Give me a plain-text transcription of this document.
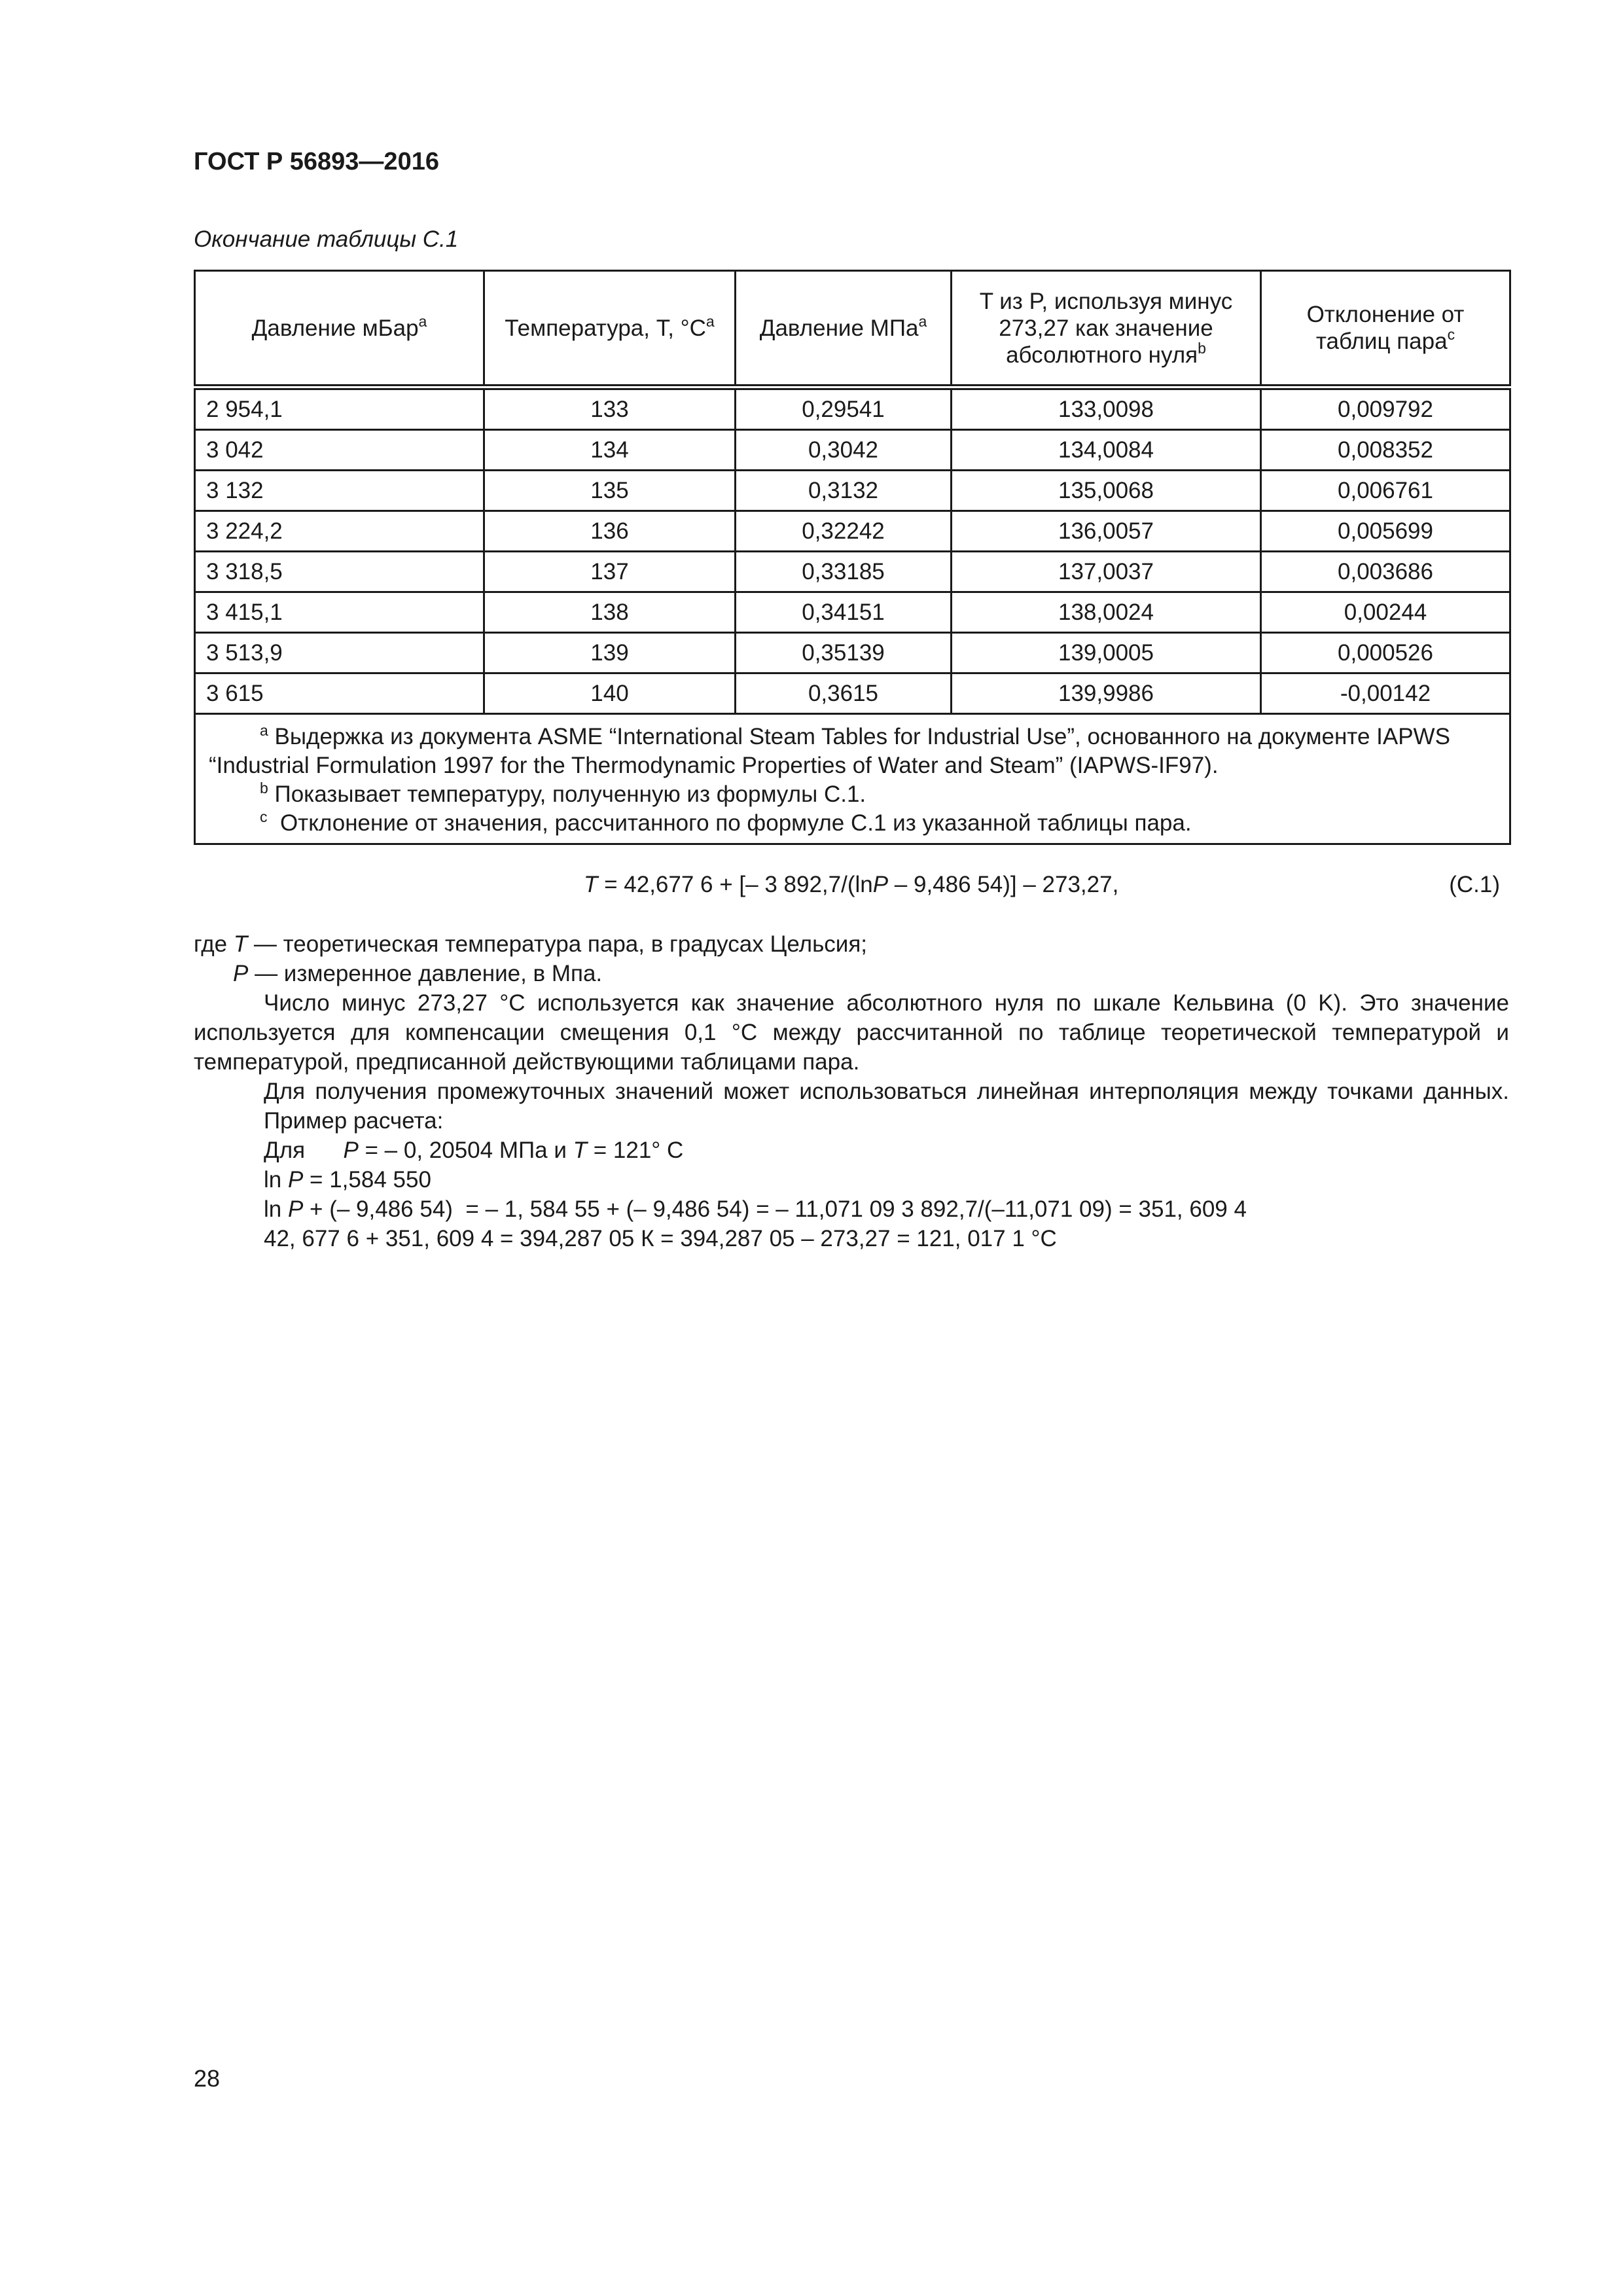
ГОСТ Р 56893—2016
Окончание таблицы С.1
Давление мБар$^a$	Температура, Т, $^\circ С^a$	Давление МПа$^a$	T из P, используя минус 273,27 как значение абсолютного нуля$^b$	Отклонение от таблиц пара$^c$
2 954,1	133	0,29541	133,0098	0,009792
3 042	134	0,3042	134,0084	0,008352
3 132	135	0,3132	135,0068	0,006761
3 224,2	136	0,32242	136,0057	0,005699
3 318,5	137	0,33185	137,0037	0,003686
3 415,1	138	0,34151	138,0024	0,00244
3 513,9	139	0,35139	139,0005	0,000526
3 615	140	0,3615	139,9986	-0,00142

$^a$ Выдержка из документа ASME “International Steam Tables for Industrial Use”, основанного на документе IAPWS
“Industrial Formulation 1997 for the Thermodynamic Properties of Water and Steam” (IAPWS-IF97).
$^b$ Показывает температуру, полученную из формулы С.1.
$^c$ Отклонение от значения, рассчитанного по формуле С.1 из указанной таблицы пара.				
T = 42,677 6 + [– 3 892,7/(lnP – 9,486 54)] – 273,27,	(С.1)
где Т — теоретическая температура пара, в градусах Цельсия;
Р — измеренное давление, в Мпа.

Число минус 273,27 °С используется как значение абсолютного нуля по шкале Кельвина (0 K). Это значение используется для компенсации смещения 0,1 °С между рассчитанной по таблице теоретической температурой и температурой, предписанной действующими таблицами пара.

Для получения промежуточных значений может использоваться линейная интерполяция между точками данных.

Пример расчета:
Для      P = – 0, 20504 МПа и T = 121° С
ln P = 1,584 550
ln P + (– 9,486 54)  = – 1, 584 55 + (– 9,486 54) = – 11,071 09 3 892,7/(–11,071 09) = 351, 609 4
42, 677 6 + 351, 609 4 = 394,287 05 К = 394,287 05 – 273,27 = 121, 017 1 °С
28
